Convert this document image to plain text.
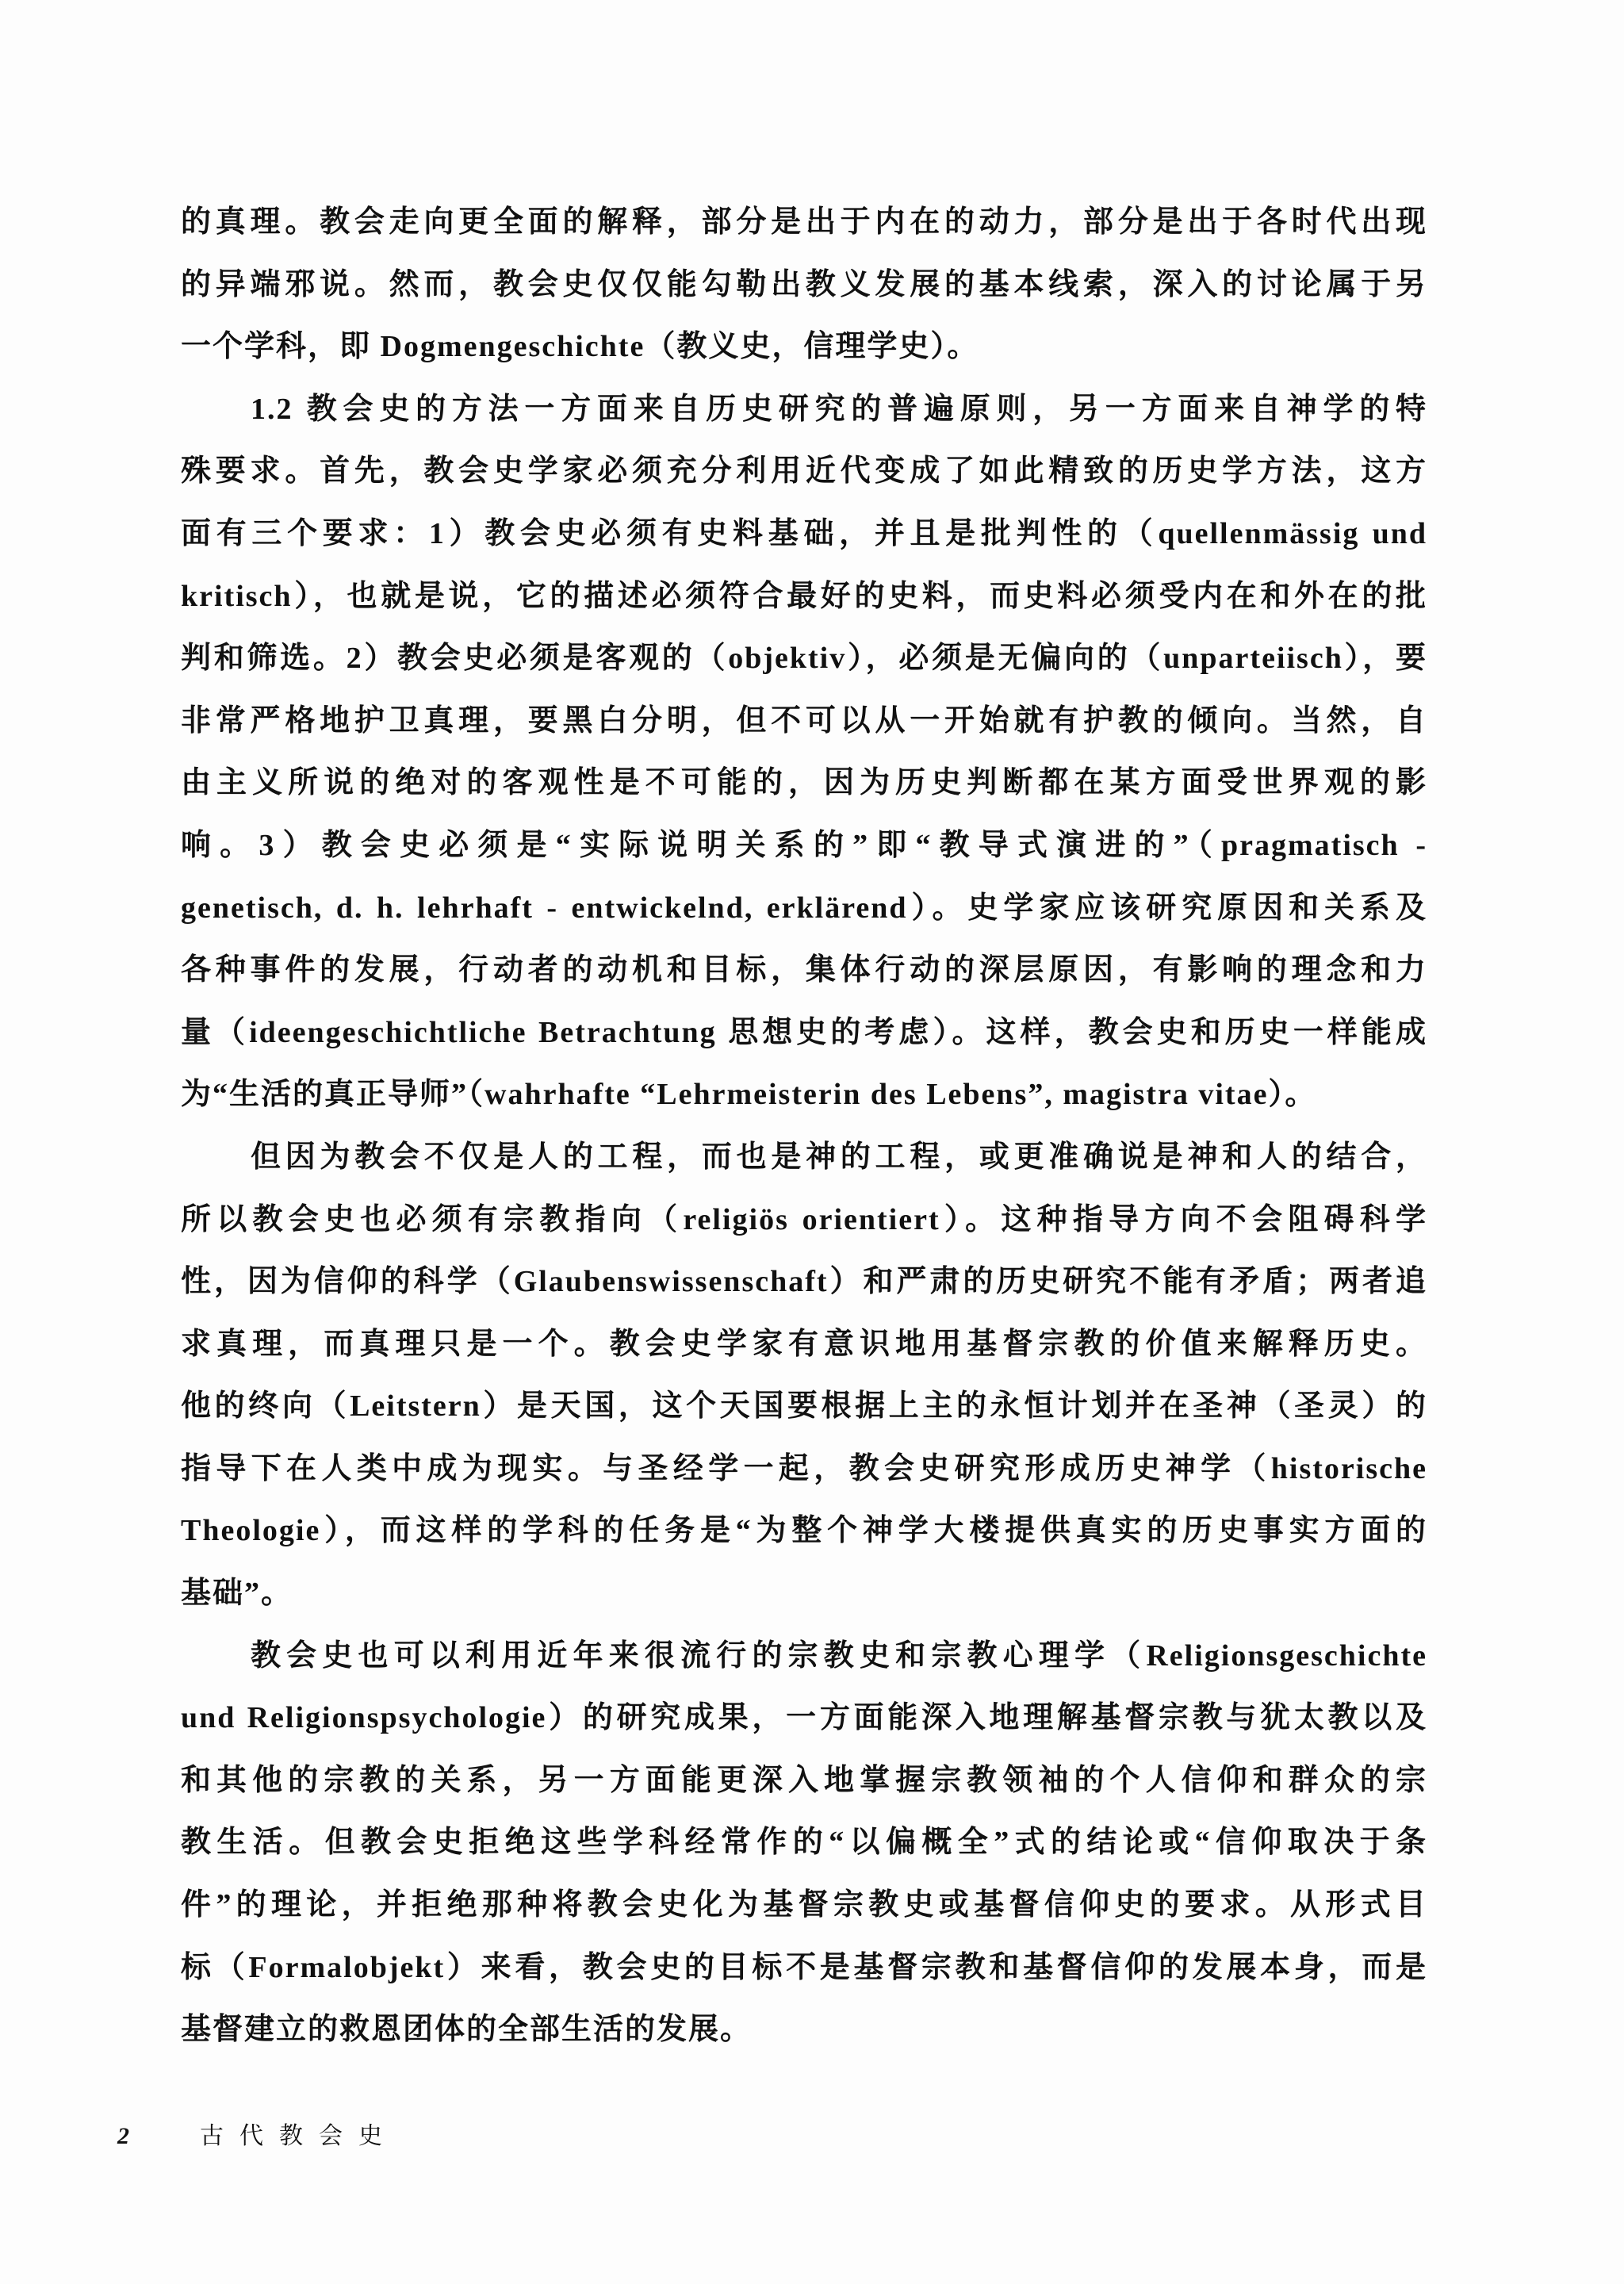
的真理。教会走向更全面的解释，部分是出于内在的动力，部分是出于各时代出现
的异端邪说。然而，教会史仅仅能勾勒出教义发展的基本线索，深入的讨论属于另
一个学科，即 Dogmengeschichte（教义史，信理学史）。
1.2 教会史的方法一方面来自历史研究的普遍原则，另一方面来自神学的特
殊要求。首先，教会史学家必须充分利用近代变成了如此精致的历史学方法，这方
面有三个要求：1）教会史必须有史料基础，并且是批判性的（quellenmässig und
kritisch），也就是说，它的描述必须符合最好的史料，而史料必须受内在和外在的批
判和筛选。2）教会史必须是客观的（objektiv），必须是无偏向的（unparteiisch），要
非常严格地护卫真理，要黑白分明，但不可以从一开始就有护教的倾向。当然，自
由主义所说的绝对的客观性是不可能的，因为历史判断都在某方面受世界观的影
响。3）教会史必须是“实际说明关系的”即“教导式演进的”（pragmatisch -
genetisch, d. h. lehrhaft - entwickelnd, erklärend）。史学家应该研究原因和关系及
各种事件的发展，行动者的动机和目标，集体行动的深层原因，有影响的理念和力
量（ideengeschichtliche Betrachtung 思想史的考虑）。这样，教会史和历史一样能成
为“生活的真正导师”（wahrhafte “Lehrmeisterin des Lebens”, magistra vitae）。
但因为教会不仅是人的工程，而也是神的工程，或更准确说是神和人的结合，
所以教会史也必须有宗教指向（religiös orientiert）。这种指导方向不会阻碍科学
性，因为信仰的科学（Glaubenswissenschaft）和严肃的历史研究不能有矛盾；两者追
求真理，而真理只是一个。教会史学家有意识地用基督宗教的价值来解释历史。
他的终向（Leitstern）是天国，这个天国要根据上主的永恒计划并在圣神（圣灵）的
指导下在人类中成为现实。与圣经学一起，教会史研究形成历史神学（historische
Theologie），而这样的学科的任务是“为整个神学大楼提供真实的历史事实方面的
基础”。
教会史也可以利用近年来很流行的宗教史和宗教心理学（Religionsgeschichte
und Religionspsychologie）的研究成果，一方面能深入地理解基督宗教与犹太教以及
和其他的宗教的关系，另一方面能更深入地掌握宗教领袖的个人信仰和群众的宗
教生活。但教会史拒绝这些学科经常作的“以偏概全”式的结论或“信仰取决于条
件”的理论，并拒绝那种将教会史化为基督宗教史或基督信仰史的要求。从形式目
标（Formalobjekt）来看，教会史的目标不是基督宗教和基督信仰的发展本身，而是
基督建立的救恩团体的全部生活的发展。
2	古代教会史
